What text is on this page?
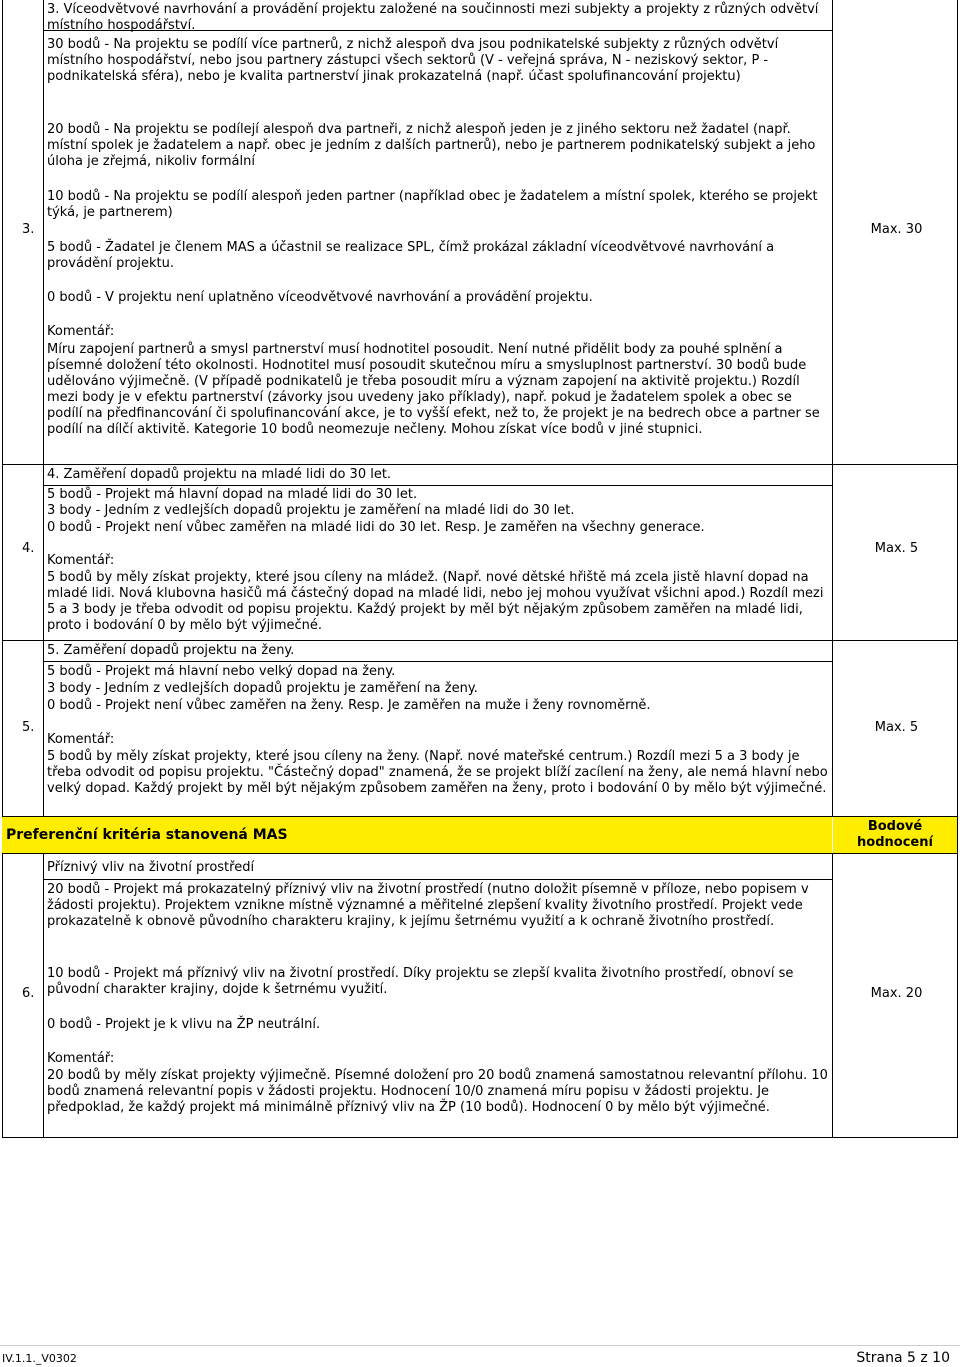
3.
3. Víceodvětvové navrhování a provádění projektu založené na součinnosti mezi subjekty a projekty z různých odvětví místního hospodářství.
30 bodů - Na projektu se podílí více partnerů, z nichž alespoň dva jsou podnikatelské subjekty z různých odvětví místního hospodářství, nebo jsou partnery zástupci všech sektorů (V - veřejná správa, N - neziskový sektor, P - podnikatelská sféra), nebo je kvalita partnerství jinak prokazatelná (např. účast spolufinancování projektu)
20 bodů - Na projektu se podílejí alespoň dva partneři, z nichž alespoň jeden je z jiného sektoru než žadatel (např. místní spolek je žadatelem a např. obec je jedním z dalších partnerů), nebo je partnerem podnikatelský subjekt a jeho úloha je zřejmá, nikoliv formální
10 bodů - Na projektu se podílí alespoň jeden partner (například obec je žadatelem a místní spolek, kterého se projekt týká, je partnerem)
5 bodů - Žadatel je členem MAS a účastnil se realizace SPL, čímž prokázal základní víceodvětvové navrhování a provádění projektu.
0 bodů - V projektu není uplatněno víceodvětvové navrhování a provádění projektu.
Komentář:
Míru zapojení partnerů a smysl partnerství musí hodnotitel posoudit. Není nutné přidělit body za pouhé splnění a písemné doložení této okolnosti. Hodnotitel musí posoudit skutečnou míru a smysluplnost partnerství. 30 bodů bude udělováno výjimečně. (V případě podnikatelů je třeba posoudit míru a význam zapojení na aktivitě projektu.) Rozdíl mezi body je v efektu partnerství (závorky jsou uvedeny jako příklady), např. pokud je žadatelem spolek a obec se podílí na předfinancování či spolufinancování akce, je to vyšší efekt, než to, že projekt je na bedrech obce a partner se podílí na dílčí aktivitě. Kategorie 10 bodů neomezuje nečleny. Mohou získat více bodů v jiné stupnici.
Max. 30
4.
4. Zaměření dopadů projektu na mladé lidi do 30 let.
5 bodů - Projekt má hlavní dopad na mladé lidi do 30 let.
3 body - Jedním z vedlejších dopadů projektu je zaměření na mladé lidi do 30 let.
0 bodů - Projekt není vůbec zaměřen na mladé lidi do 30 let. Resp. Je zaměřen na všechny generace.
Komentář:
5 bodů by měly získat projekty, které jsou cíleny na mládež. (Např. nové dětské hřiště má zcela jistě hlavní dopad na mladé lidi. Nová klubovna hasičů má částečný dopad na mladé lidi, nebo jej mohou využívat všichni apod.) Rozdíl mezi 5 a 3 body je třeba odvodit od popisu projektu. Každý projekt by měl být nějakým způsobem zaměřen na mladé lidi, proto i bodování 0 by mělo být výjimečné.
Max. 5
5.
5. Zaměření dopadů projektu na ženy.
5 bodů - Projekt má hlavní nebo velký dopad na ženy.
3 body - Jedním z vedlejších dopadů projektu je zaměření na ženy.
0 bodů - Projekt není vůbec zaměřen na ženy. Resp. Je zaměřen na muže i ženy rovnoměrně.
Komentář:
5 bodů by měly získat projekty, které jsou cíleny na ženy. (Např. nové mateřské centrum.) Rozdíl mezi 5 a 3 body je třeba odvodit od popisu projektu. "Částečný dopad" znamená, že se projekt blíží zacílení na ženy, ale nemá hlavní nebo velký dopad. Každý projekt by měl být nějakým způsobem zaměřen na ženy, proto i bodování 0 by mělo být výjimečné.
Max. 5
Preferenční kritéria stanovená MAS
Bodové hodnocení
6.
Příznivý vliv na životní prostředí
20 bodů - Projekt má prokazatelný příznivý vliv na životní prostředí (nutno doložit písemně v příloze, nebo popisem v žádosti projektu). Projektem vznikne místně významné a měřitelné zlepšení kvality životního prostředí. Projekt vede prokazatelně k obnově původního charakteru krajiny, k jejímu šetrnému využití a k ochraně životního prostředí.
10 bodů - Projekt má příznivý vliv na životní prostředí. Díky projektu se zlepší kvalita životního prostředí, obnoví se původní charakter krajiny, dojde k šetrnému využití.
0 bodů - Projekt je k vlivu na ŽP neutrální.
Komentář:
20 bodů by měly získat projekty výjimečně. Písemné doložení pro 20 bodů znamená samostatnou relevantní přílohu. 10 bodů znamená relevantní popis v žádosti projektu. Hodnocení 10/0 znamená míru popisu v žádosti projektu. Je předpoklad, že každý projekt má minimálně příznivý vliv na ŽP (10 bodů). Hodnocení 0 by mělo být výjimečné.
Max. 20
IV.1.1._V0302	Strana 5 z 10
